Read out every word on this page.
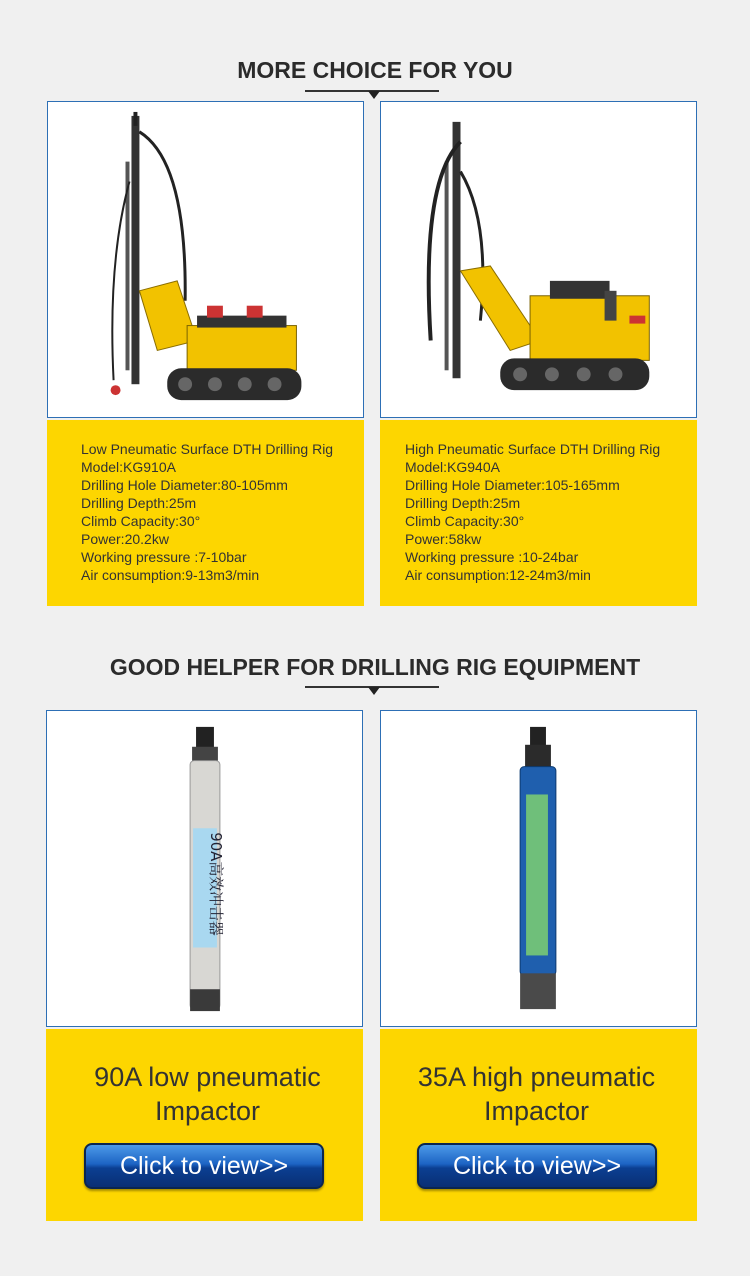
MORE CHOICE FOR YOU
Low Pneumatic Surface DTH Drilling Rig
Model:KG910A
Drilling Hole Diameter:80-105mm
Drilling Depth:25m
Climb Capacity:30°
Power:20.2kw
Working pressure :7-10bar
Air consumption:9-13m3/min
High Pneumatic Surface DTH Drilling Rig
Model:KG940A
Drilling Hole Diameter:105-165mm
Drilling Depth:25m
Climb Capacity:30°
Power:58kw
Working pressure :10-24bar
Air consumption:12-24m3/min
GOOD HELPER FOR DRILLING RIG EQUIPMENT
90A高效冲击器
90A low pneumatic
Impactor
Click to view>>
35A high pneumatic
Impactor
Click to view>>
